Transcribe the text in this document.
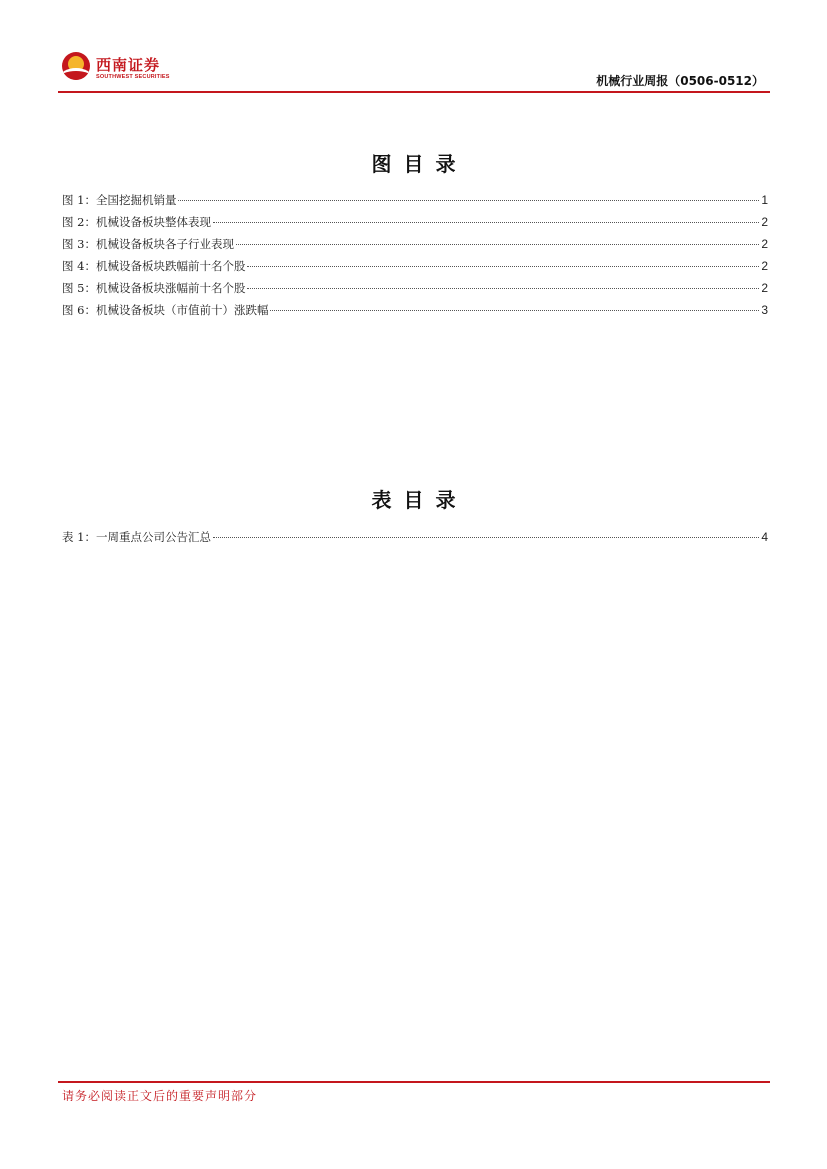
西南证券
SOUTHWEST SECURITIES	机械行业周报（0506-0512）
图目录
图 1：全国挖掘机销量	1
图 2：机械设备板块整体表现	2
图 3：机械设备板块各子行业表现	2
图 4：机械设备板块跌幅前十名个股	2
图 5：机械设备板块涨幅前十名个股	2
图 6：机械设备板块（市值前十）涨跌幅	3
表目录
表 1：一周重点公司公告汇总	4
请务必阅读正文后的重要声明部分
